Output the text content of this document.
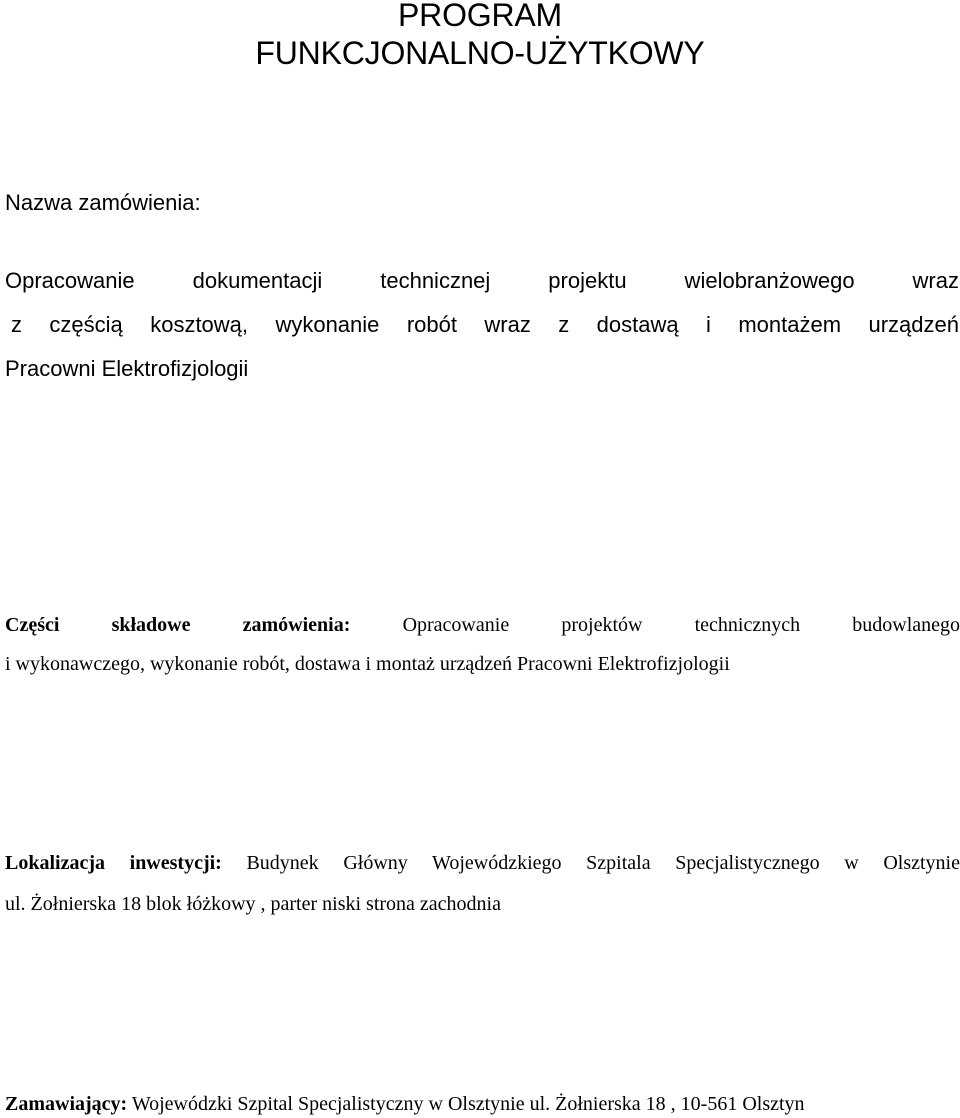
PROGRAM
FUNKCJONALNO-UŻYTKOWY
Nazwa zamówienia:
Opracowanie dokumentacji technicznej projektu wielobranżowego wraz
z częścią kosztową, wykonanie robót wraz z dostawą i montażem urządzeń
Pracowni Elektrofizjologii
Części składowe zamówienia:	Opracowanie projektów technicznych budowlanego
i wykonawczego, wykonanie robót, dostawa i montaż urządzeń Pracowni Elektrofizjologii
Lokalizacja inwestycji: Budynek Główny Wojewódzkiego Szpitala Specjalistycznego w Olsztynie
ul. Żołnierska 18 blok łóżkowy , parter niski strona zachodnia
Zamawiający: Wojewódzki Szpital Specjalistyczny w Olsztynie ul. Żołnierska 18 , 10-561 Olsztyn
